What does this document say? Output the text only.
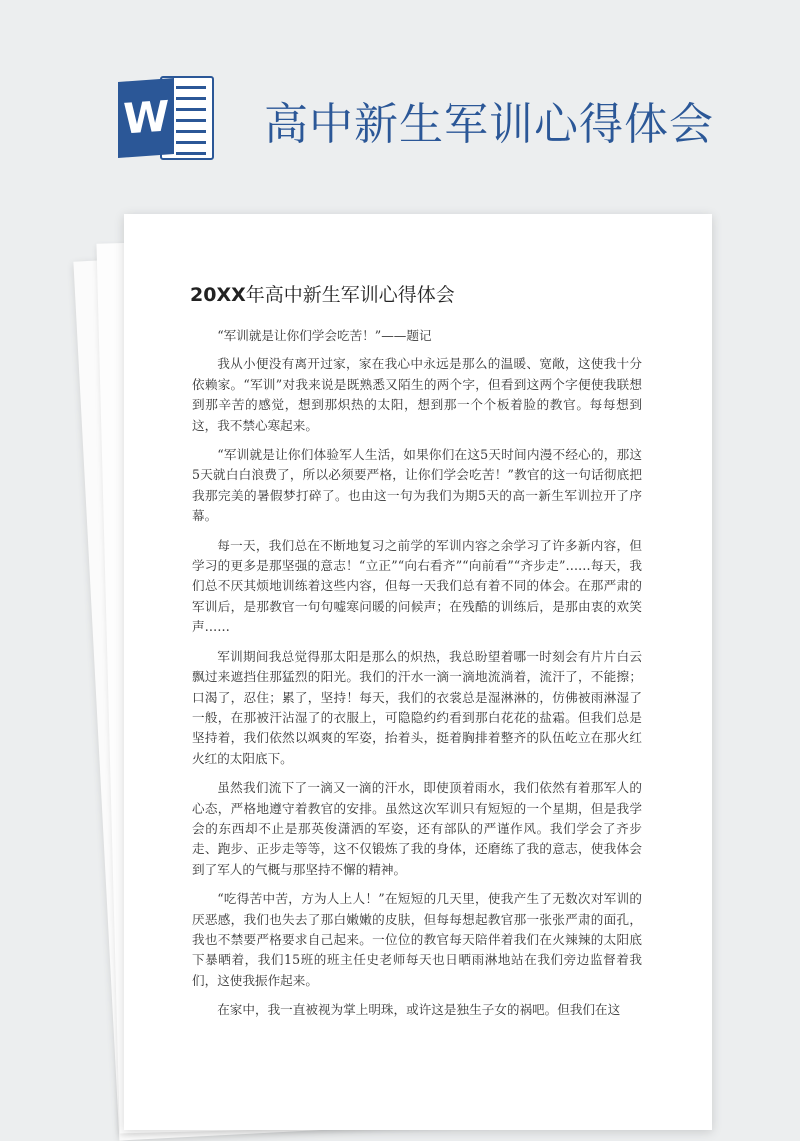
W 高中新生军训心得体会
20XX年高中新生军训心得体会

“军训就是让你们学会吃苦！”——题记

我从小便没有离开过家，家在我心中永远是那么的温暖、宽敞，这使我十分依赖家。“军训”对我来说是既熟悉又陌生的两个字，但看到这两个字便使我联想到那辛苦的感觉，想到那炽热的太阳，想到那一个个板着脸的教官。每每想到这，我不禁心寒起来。

“军训就是让你们体验军人生活，如果你们在这5天时间内漫不经心的，那这5天就白白浪费了，所以必须要严格，让你们学会吃苦！”教官的这一句话彻底把我那完美的暑假梦打碎了。也由这一句为我们为期5天的高一新生军训拉开了序幕。

每一天，我们总在不断地复习之前学的军训内容之余学习了许多新内容，但学习的更多是那坚强的意志！“立正”“向右看齐”“向前看”“齐步走”……每天，我们总不厌其烦地训练着这些内容，但每一天我们总有着不同的体会。在那严肃的军训后，是那教官一句句嘘寒问暖的问候声；在残酷的训练后，是那由衷的欢笑声……

军训期间我总觉得那太阳是那么的炽热，我总盼望着哪一时刻会有片片白云飘过来遮挡住那猛烈的阳光。我们的汗水一滴一滴地流淌着，流汗了，不能擦；口渴了，忍住；累了，坚持！每天，我们的衣裳总是湿淋淋的，仿佛被雨淋湿了一般，在那被汗沾湿了的衣服上，可隐隐约约看到那白花花的盐霜。但我们总是坚持着，我们依然以飒爽的军姿，抬着头，挺着胸排着整齐的队伍屹立在那火红火红的太阳底下。

虽然我们流下了一滴又一滴的汗水，即使顶着雨水，我们依然有着那军人的心态，严格地遵守着教官的安排。虽然这次军训只有短短的一个星期，但是我学会的东西却不止是那英俊潇洒的军姿，还有部队的严谨作风。我们学会了齐步走、跑步、正步走等等，这不仅锻炼了我的身体，还磨练了我的意志，使我体会到了军人的气概与那坚持不懈的精神。

“吃得苦中苦，方为人上人！”在短短的几天里，使我产生了无数次对军训的厌恶感，我们也失去了那白嫩嫩的皮肤，但每每想起教官那一张张严肃的面孔，我也不禁要严格要求自己起来。一位位的教官每天陪伴着我们在火辣辣的太阳底下暴晒着，我们15班的班主任史老师每天也日晒雨淋地站在我们旁边监督着我们，这使我振作起来。

在家中，我一直被视为掌上明珠，或许这是独生子女的祸吧。但我们在这
